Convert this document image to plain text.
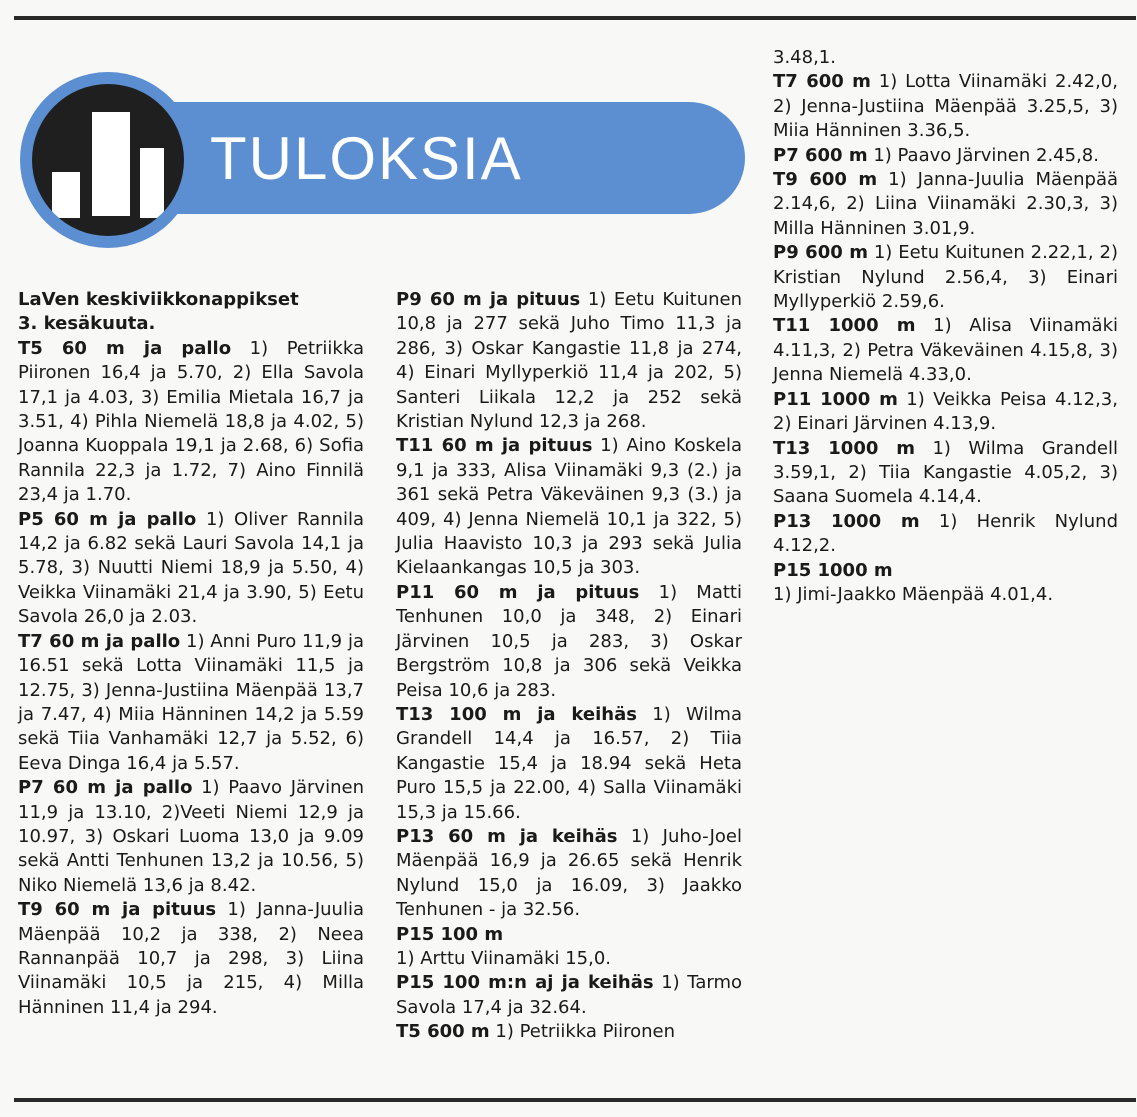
TULOKSIA
LaVen keskiviikkonappikset
3. kesäkuuta.
T5 60 m ja pallo 1) Petriikka Piironen 16,4 ja 5.70, 2) Ella Savola 17,1 ja 4.03, 3) Emilia Mietala 16,7 ja 3.51, 4) Pihla Niemelä 18,8 ja 4.02, 5) Joanna Kuoppala 19,1 ja 2.68, 6) Sofia Rannila 22,3 ja 1.72, 7) Aino Finnilä 23,4 ja 1.70.
P5 60 m ja pallo 1) Oliver Rannila 14,2 ja 6.82 sekä Lauri Savola 14,1 ja 5.78, 3) Nuutti Niemi 18,9 ja 5.50, 4) Veikka Viinamäki 21,4 ja 3.90, 5) Eetu Savola 26,0 ja 2.03.
T7 60 m ja pallo 1) Anni Puro 11,9 ja 16.51 sekä Lotta Viinamäki 11,5 ja 12.75, 3) Jenna-Justiina Mäenpää 13,7 ja 7.47, 4) Miia Hänninen 14,2 ja 5.59 sekä Tiia Vanhamäki 12,7 ja 5.52, 6) Eeva Dinga 16,4 ja 5.57.
P7 60 m ja pallo 1) Paavo Järvinen 11,9 ja 13.10, 2)Veeti Niemi 12,9 ja 10.97, 3) Oskari Luoma 13,0 ja 9.09 sekä Antti Tenhunen 13,2 ja 10.56, 5) Niko Niemelä 13,6 ja 8.42.
T9 60 m ja pituus 1) Janna-Juulia Mäenpää 10,2 ja 338, 2) Neea Rannanpää 10,7 ja 298, 3) Liina Viinamäki 10,5 ja 215, 4) Milla Hänninen 11,4 ja 294.
P9 60 m ja pituus 1) Eetu Kuitunen 10,8 ja 277 sekä Juho Timo 11,3 ja 286, 3) Oskar Kangastie 11,8 ja 274, 4) Einari Myllyperkiö 11,4 ja 202, 5) Santeri Liikala 12,2 ja 252 sekä Kristian Nylund 12,3 ja 268.
T11 60 m ja pituus 1) Aino Koskela 9,1 ja 333, Alisa Viinamäki 9,3 (2.) ja 361 sekä Petra Väkeväinen 9,3 (3.) ja 409, 4) Jenna Niemelä 10,1 ja 322, 5) Julia Haavisto 10,3 ja 293 sekä Julia Kielaankangas 10,5 ja 303.
P11 60 m ja pituus 1) Matti Tenhunen 10,0 ja 348, 2) Einari Järvinen 10,5 ja 283, 3) Oskar Bergström 10,8 ja 306 sekä Veikka Peisa 10,6 ja 283.
T13 100 m ja keihäs 1) Wilma Grandell 14,4 ja 16.57, 2) Tiia Kangastie 15,4 ja 18.94 sekä Heta Puro 15,5 ja 22.00, 4) Salla Viinamäki 15,3 ja 15.66.
P13 60 m ja keihäs 1) Juho-Joel Mäenpää 16,9 ja 26.65 sekä Henrik Nylund 15,0 ja 16.09, 3) Jaakko Tenhunen - ja 32.56.
P15 100 m
1) Arttu Viinamäki 15,0.
P15 100 m:n aj ja keihäs 1) Tarmo Savola 17,4 ja 32.64.
T5 600 m 1) Petriikka Piironen
3.48,1.
T7 600 m 1) Lotta Viinamäki 2.42,0, 2) Jenna-Justiina Mäenpää 3.25,5, 3) Miia Hänninen 3.36,5.
P7 600 m 1) Paavo Järvinen 2.45,8.
T9 600 m 1) Janna-Juulia Mäenpää 2.14,6, 2) Liina Viinamäki 2.30,3, 3) Milla Hänninen 3.01,9.
P9 600 m 1) Eetu Kuitunen 2.22,1, 2) Kristian Nylund 2.56,4, 3) Einari Myllyperkiö 2.59,6.
T11 1000 m 1) Alisa Viinamäki 4.11,3, 2) Petra Väkeväinen 4.15,8, 3) Jenna Niemelä 4.33,0.
P11 1000 m 1) Veikka Peisa 4.12,3, 2) Einari Järvinen 4.13,9.
T13 1000 m 1) Wilma Grandell 3.59,1, 2) Tiia Kangastie 4.05,2, 3) Saana Suomela 4.14,4.
P13 1000 m 1) Henrik Nylund 4.12,2.
P15 1000 m
1) Jimi-Jaakko Mäenpää 4.01,4.
